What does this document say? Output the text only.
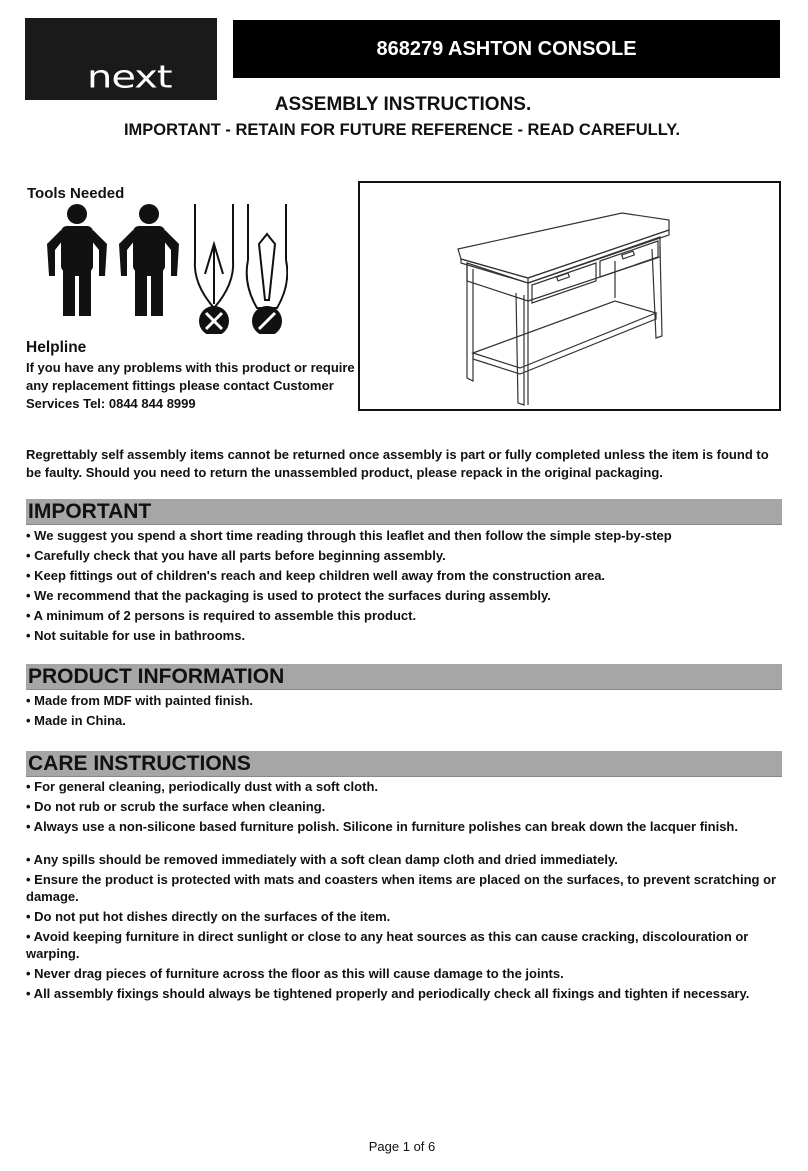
next
868279 ASHTON CONSOLE
ASSEMBLY INSTRUCTIONS.
IMPORTANT - RETAIN FOR FUTURE REFERENCE - READ CAREFULLY.
Tools Needed
Helpline
If you have any problems with this product or require any replacement fittings please contact Customer Services Tel: 0844 844 8999
Regrettably self assembly items cannot be returned once assembly is part or fully completed unless the item is found to be faulty. Should you need to return the unassembled product, please repack in the original packaging.
IMPORTANT
• We suggest you spend a short time reading through this leaflet and then follow the simple step-by-step
• Carefully check that you have all parts before beginning assembly.
• Keep fittings out of children's reach and keep children well away from the construction area.
• We recommend that the packaging is used to protect the surfaces during assembly.
• A minimum of 2 persons is required to assemble this product.
• Not suitable for use in bathrooms.
PRODUCT INFORMATION
• Made from MDF with painted finish.
• Made in China.
CARE INSTRUCTIONS
• For general cleaning, periodically dust with a soft cloth.
• Do not rub or scrub the surface when cleaning.
• Always use a non-silicone based furniture polish. Silicone in furniture polishes can break down the lacquer finish.
• Any spills should be removed immediately with a soft clean damp cloth and dried immediately.
• Ensure the product is protected with mats and coasters when items are placed on the surfaces, to prevent scratching or damage.
• Do not put hot dishes directly on the surfaces of the item.
• Avoid keeping furniture in direct sunlight or close to any heat sources as this can cause cracking, discolouration or warping.
• Never drag pieces of furniture across the floor as this will cause damage to the joints.
• All assembly fixings should always be tightened properly and periodically check all fixings and tighten if necessary.
Page 1 of 6
